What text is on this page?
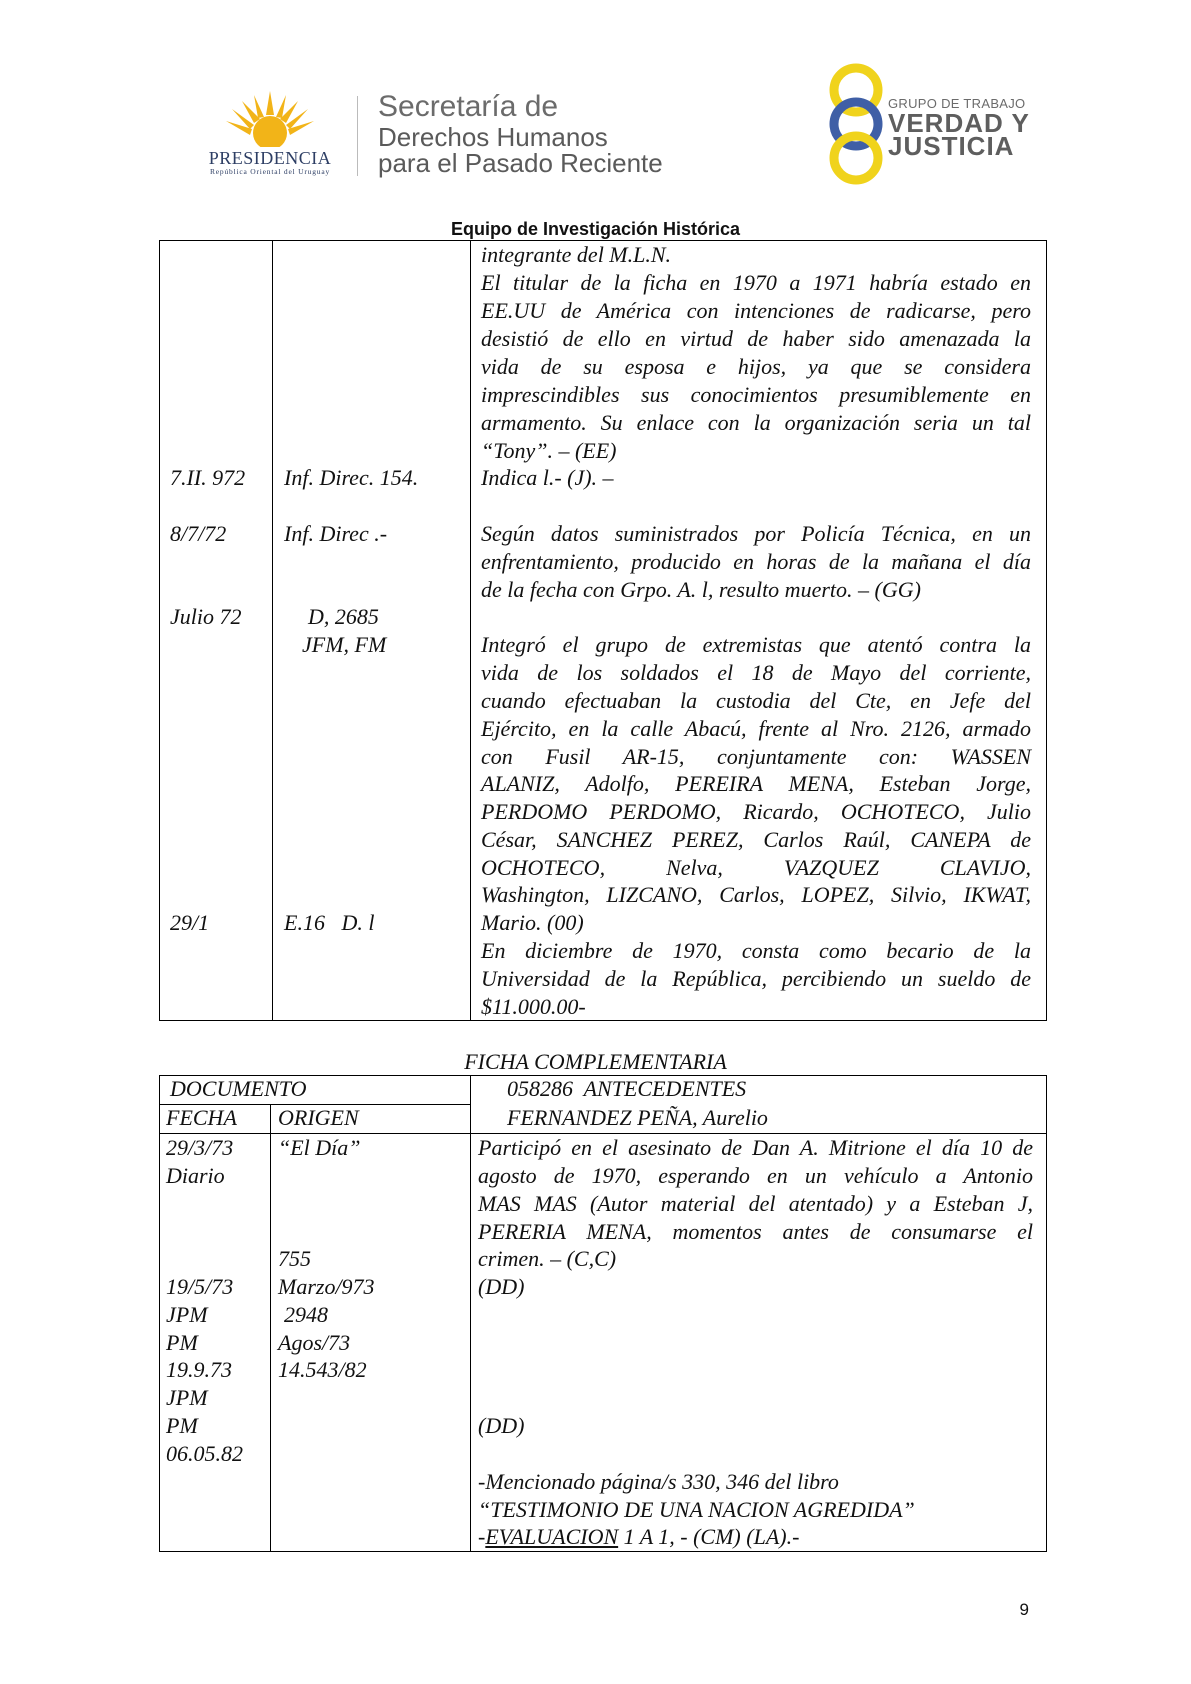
PRESIDENCIA
República Oriental del Uruguay
Secretaría de
Derechos Humanos
para el Pasado Reciente
GRUPO DE TRABAJO
VERDAD Y
JUSTICIA
Equipo de Investigación Histórica
7.II. 972
8/7/72
Julio 72
29/1
Inf. Direc. 154.
Inf. Direc .-
D, 2685
JFM, FM
E.16   D. l
integrante del M.L.N.
El titular de la ficha en 1970 a 1971 habría estado en
EE.UU de América con intenciones de radicarse, pero
desistió de ello en virtud de haber sido amenazada la
vida de su esposa e hijos, ya que se considera
imprescindibles sus conocimientos presumiblemente en
armamento. Su enlace con la organización seria un tal
“Tony”. – (EE)
Indica l.- (J). –
Según datos suministrados por Policía Técnica, en un
enfrentamiento, producido en horas de la mañana el día
de la fecha con Grpo. A. l, resulto muerto. – (GG)
Integró el grupo de extremistas que atentó contra la
vida de los soldados el 18 de Mayo del corriente,
cuando efectuaban la custodia del Cte, en Jefe del
Ejército, en la calle Abacú, frente al Nro. 2126, armado
con Fusil AR-15, conjuntamente con: WASSEN
ALANIZ, Adolfo, PEREIRA MENA, Esteban Jorge,
PERDOMO PERDOMO, Ricardo, OCHOTECO, Julio
César, SANCHEZ PEREZ, Carlos Raúl, CANEPA de
OCHOTECO, Nelva, VAZQUEZ CLAVIJO,
Washington, LIZCANO, Carlos, LOPEZ, Silvio, IKWAT,
Mario. (00)
En diciembre de 1970, consta como becario de la
Universidad de la República, percibiendo un sueldo de
$11.000.00-
FICHA COMPLEMENTARIA
DOCUMENTO
FECHA ORIGEN
058286  ANTECEDENTES
FERNANDEZ PEÑA, Aurelio
29/3/73
Diario
19/5/73
JPM
PM
19.9.73
JPM
PM
06.05.82
“El Día”
755
Marzo/973
2948
Agos/73
14.543/82
Participó en el asesinato de Dan A. Mitrione el día 10 de
agosto de 1970, esperando en un vehículo a Antonio
MAS MAS (Autor material del atentado) y a Esteban J,
PERERIA MENA, momentos antes de consumarse el
crimen. – (C,C)
(DD)
(DD)
-Mencionado página/s 330, 346 del libro
“TESTIMONIO DE UNA NACION AGREDIDA”
-EVALUACION 1 A 1, - (CM) (LA).-
9
